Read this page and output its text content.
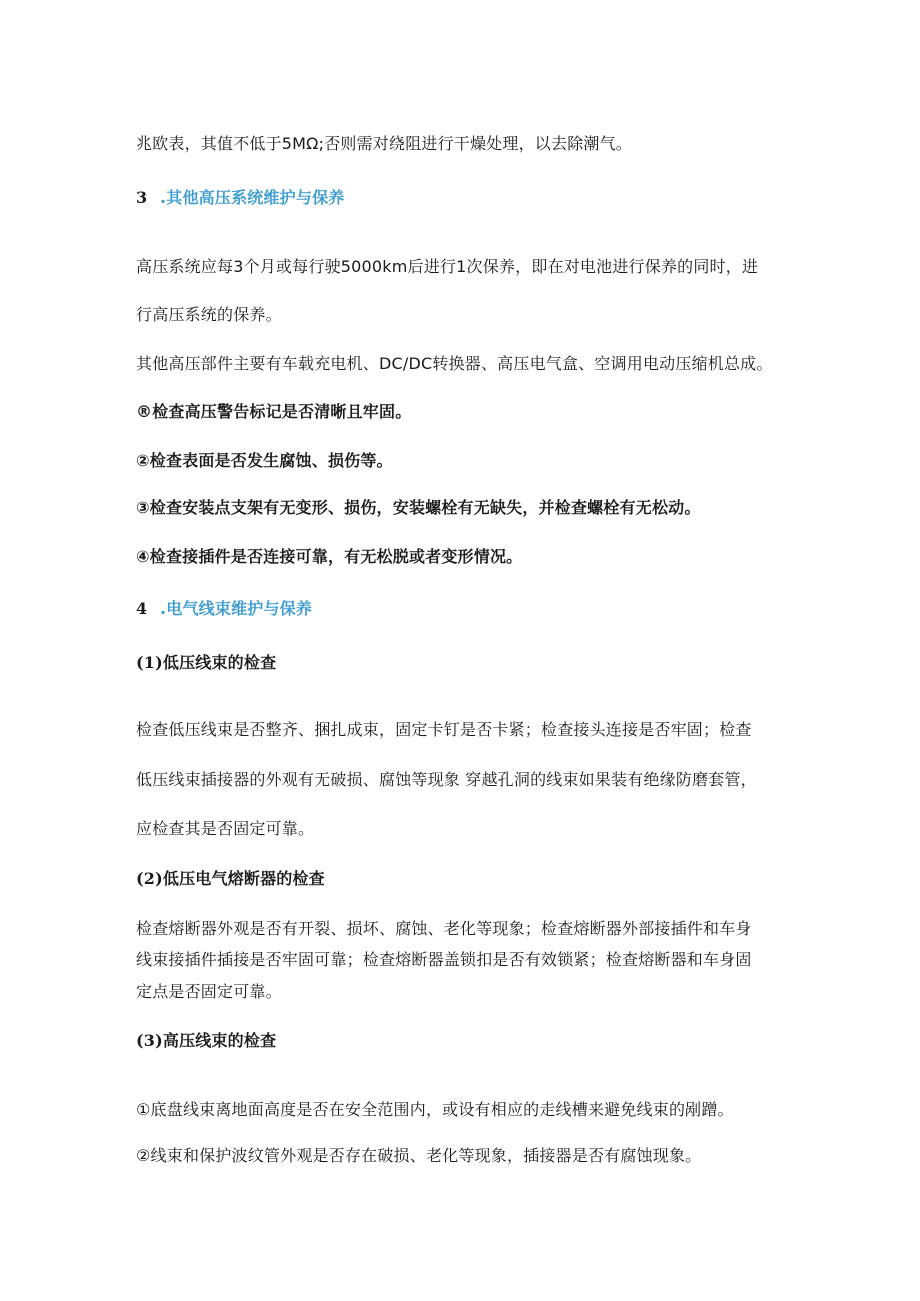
兆欧表，其值不低于5MΩ;否则需对绕阻进行干燥处理，以去除潮气。
3 .其他高压系统维护与保养
高压系统应每3个月或每行驶5000km后进行1次保养，即在对电池进行保养的同时，进
行高压系统的保养。
其他高压部件主要有车载充电机、DC/DC转换器、高压电气盒、空调用电动压缩机总成。
®检查高压警告标记是否清晰且牢固。
②检查表面是否发生腐蚀、损伤等。
③检查安装点支架有无变形、损伤，安装螺栓有无缺失，并检查螺栓有无松动。
④检查接插件是否连接可靠，有无松脱或者变形情况。
4 .电气线束维护与保养
(1)低压线束的检查
检查低压线束是否整齐、捆扎成束，固定卡钉是否卡紧；检查接头连接是否牢固；检查
低压线束插接器的外观有无破损、腐蚀等现象 穿越孔洞的线束如果装有绝缘防磨套管，
应检查其是否固定可靠。
(2)低压电气熔断器的检查
检查熔断器外观是否有开裂、损坏、腐蚀、老化等现象；检查熔断器外部接插件和车身
线束接插件插接是否牢固可靠；检查熔断器盖锁扣是否有效锁紧；检查熔断器和车身固
定点是否固定可靠。
(3)高压线束的检查
①底盘线束离地面高度是否在安全范围内，或设有相应的走线槽来避免线束的剐蹭。
②线束和保护波纹管外观是否存在破损、老化等现象，插接器是否有腐蚀现象。
